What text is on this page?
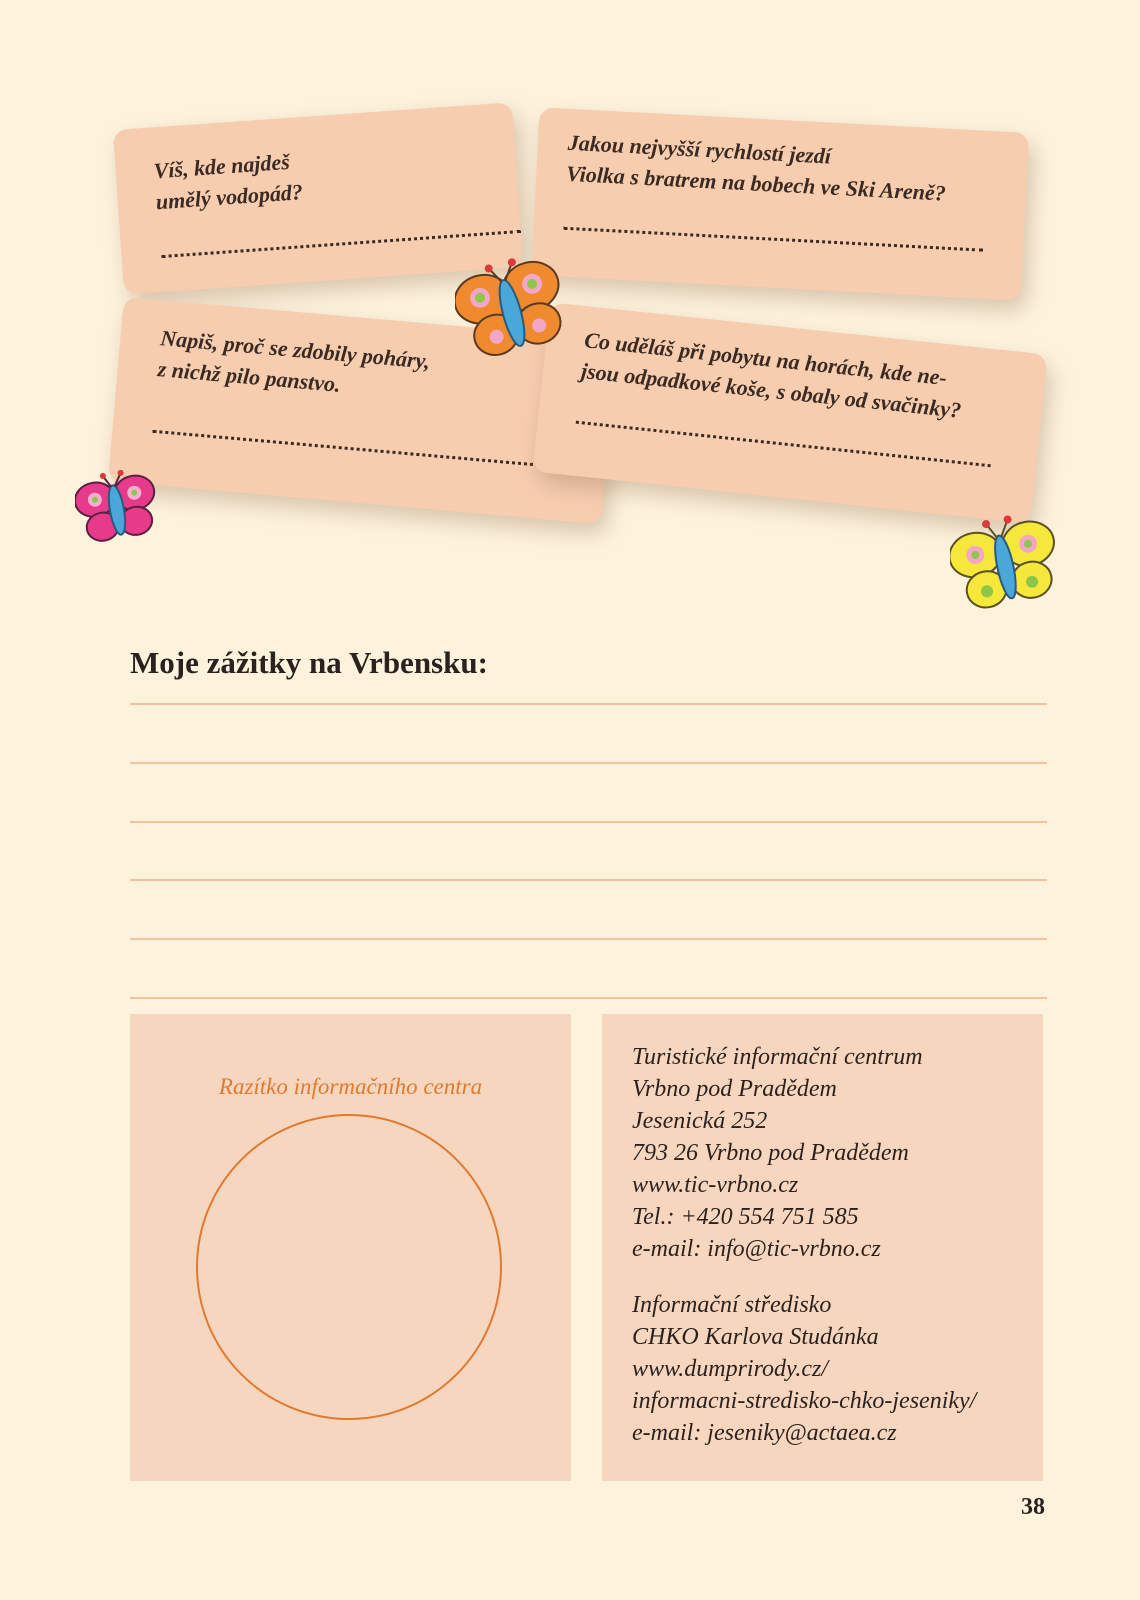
Víš, kde najdeš
umělý vodopád?
Jakou nejvyšší rychlostí jezdí
Violka s bratrem na bobech ve Ski Areně?
Napiš, proč se zdobily poháry,
z nichž pilo panstvo.	Co uděláš při pobytu na horách, kde ne-
jsou odpadkové koše, s obaly od svačinky?
Moje zážitky na Vrbensku:
Razítko informačního centra
Turistické informační centrum
Vrbno pod Pradědem
Jesenická 252
793 26 Vrbno pod Pradědem
www.tic-vrbno.cz
Tel.: +420 554 751 585
e-mail: info@tic-vrbno.cz
Informační středisko
CHKO Karlova Studánka
www.dumprirody.cz/
informacni-stredisko-chko-jeseniky/
e-mail: jeseniky@actaea.cz
38
